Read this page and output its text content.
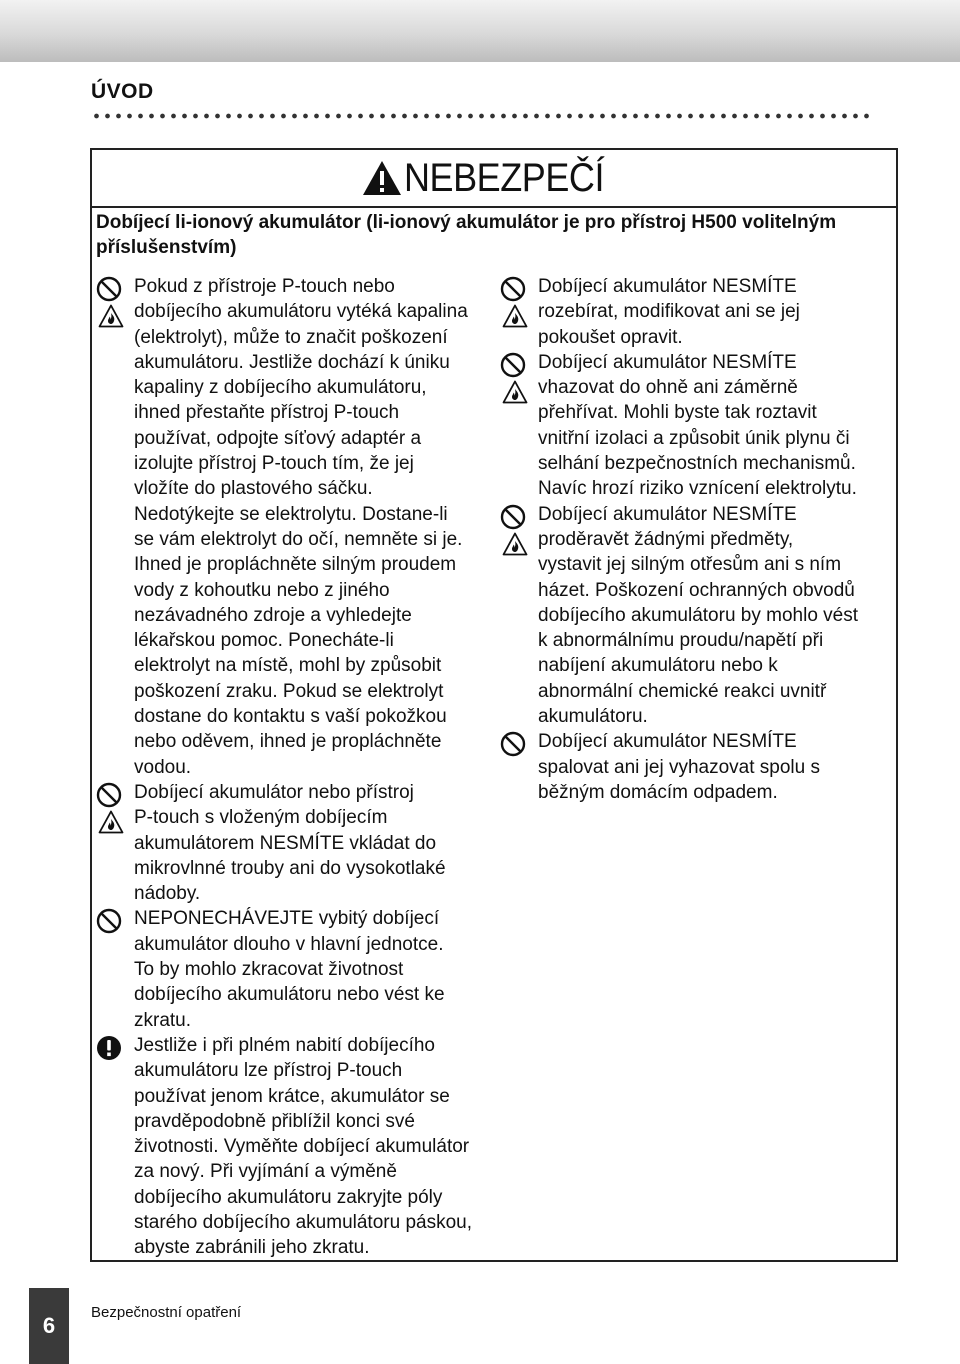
ÚVOD
NEBEZPEČÍ

Dobíjecí li-ionový akumulátor (li-ionový akumulátor je pro přístroj H500 volitelným příslušenstvím)

Pokud z přístroje P-touch nebo
dobíjecího akumulátoru vytéká kapalina
(elektrolyt), může to značit poškození
akumulátoru. Jestliže dochází k úniku
kapaliny z dobíjecího akumulátoru,
ihned přestaňte přístroj P-touch
používat, odpojte síťový adaptér a
izolujte přístroj P-touch tím, že jej
vložíte do plastového sáčku.
Nedotýkejte se elektrolytu. Dostane-li
se vám elektrolyt do očí, nemněte si je.
Ihned je propláchněte silným proudem
vody z kohoutku nebo z jiného
nezávadného zdroje a vyhledejte
lékařskou pomoc. Ponecháte-li
elektrolyt na místě, mohl by způsobit
poškození zraku. Pokud se elektrolyt
dostane do kontaktu s vaší pokožkou
nebo oděvem, ihned je propláchněte
vodou.

Dobíjecí akumulátor nebo přístroj
P-touch s vloženým dobíjecím
akumulátorem NESMÍTE vkládat do
mikrovlnné trouby ani do vysokotlaké
nádoby.

NEPONECHÁVEJTE vybitý dobíjecí
akumulátor dlouho v hlavní jednotce.
To by mohlo zkracovat životnost
dobíjecího akumulátoru nebo vést ke
zkratu.

Jestliže i při plném nabití dobíjecího
akumulátoru lze přístroj P-touch
používat jenom krátce, akumulátor se
pravděpodobně přiblížil konci své
životnosti. Vyměňte dobíjecí akumulátor
za nový. Při vyjímání a výměně
dobíjecího akumulátoru zakryjte póly
starého dobíjecího akumulátoru páskou,
abyste zabránili jeho zkratu.

Dobíjecí akumulátor NESMÍTE
rozebírat, modifikovat ani se jej
pokoušet opravit.

Dobíjecí akumulátor NESMÍTE
vhazovat do ohně ani záměrně
přehřívat. Mohli byste tak roztavit
vnitřní izolaci a způsobit únik plynu či
selhání bezpečnostních mechanismů.
Navíc hrozí riziko vznícení elektrolytu.

Dobíjecí akumulátor NESMÍTE
proděravět žádnými předměty,
vystavit jej silným otřesům ani s ním
házet. Poškození ochranných obvodů
dobíjecího akumulátoru by mohlo vést
k abnormálnímu proudu/napětí při
nabíjení akumulátoru nebo k
abnormální chemické reakci uvnitř
akumulátoru.

Dobíjecí akumulátor NESMÍTE
spalovat ani jej vyhazovat spolu s
běžným domácím odpadem.

6

Bezpečnostní opatření
